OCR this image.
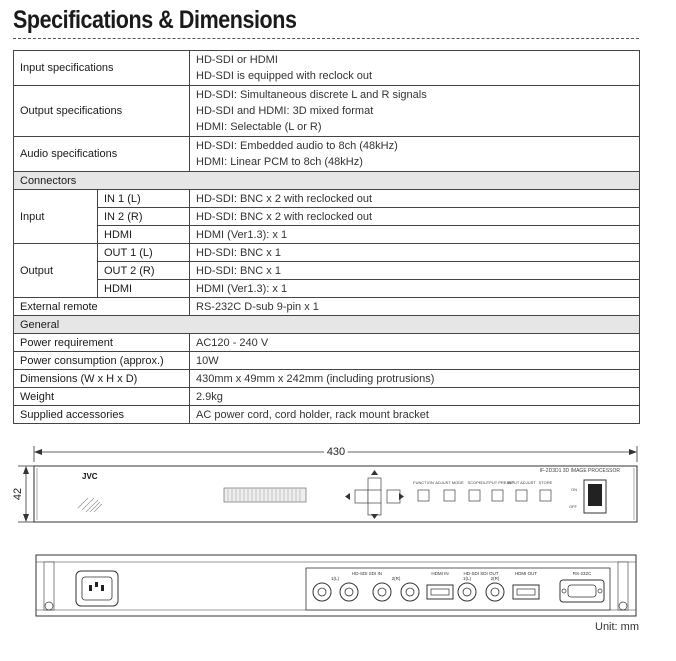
Specifications & Dimensions
Input specifications		HD-SDI or HDMI
HD-SDI is equipped with reclock out

Output specifications		HD-SDI: Simultaneous discrete L and R signals
HD-SDI and HDMI: 3D mixed format
HDMI: Selectable (L or R)

Audio specifications		HD-SDI: Embedded audio to 8ch (48kHz)
HDMI: Linear PCM to 8ch (48kHz)

Connectors		
Input	IN 1 (L)	HD-SDI: BNC x 2 with reclocked out
	IN 2 (R)	HD-SDI: BNC x 2 with reclocked out
	HDMI	HDMI (Ver1.3): x 1
Output	OUT 1 (L)	HD-SDI: BNC x 1
	OUT 2 (R)	HD-SDI: BNC x 1
	HDMI	HDMI (Ver1.3): x 1
External remote		RS-232C D-sub 9-pin x 1
General		
Power requirement		AC120 - 240 V
Power consumption (approx.)		10W
Dimensions (W x H x D)		430mm x 49mm x 242mm (including protrusions)
Weight		2.9kg
Supplied accessories		AC power cord, cord holder, rack mount bracket
430
42
JVC
IF-2D3D1 3D IMAGE PROCESSOR
FUNCTION ADJUST MODE SCOPE OUTPUT PRESET
INPUT ADJUST STORE
ON
OFF
HD-SDI SDI IN
1(L)	2(R)
HDMI IN	HD-SDI SDI OUT
1(L)	2(R)
HDMI OUT	RS-232C
Unit: mm
